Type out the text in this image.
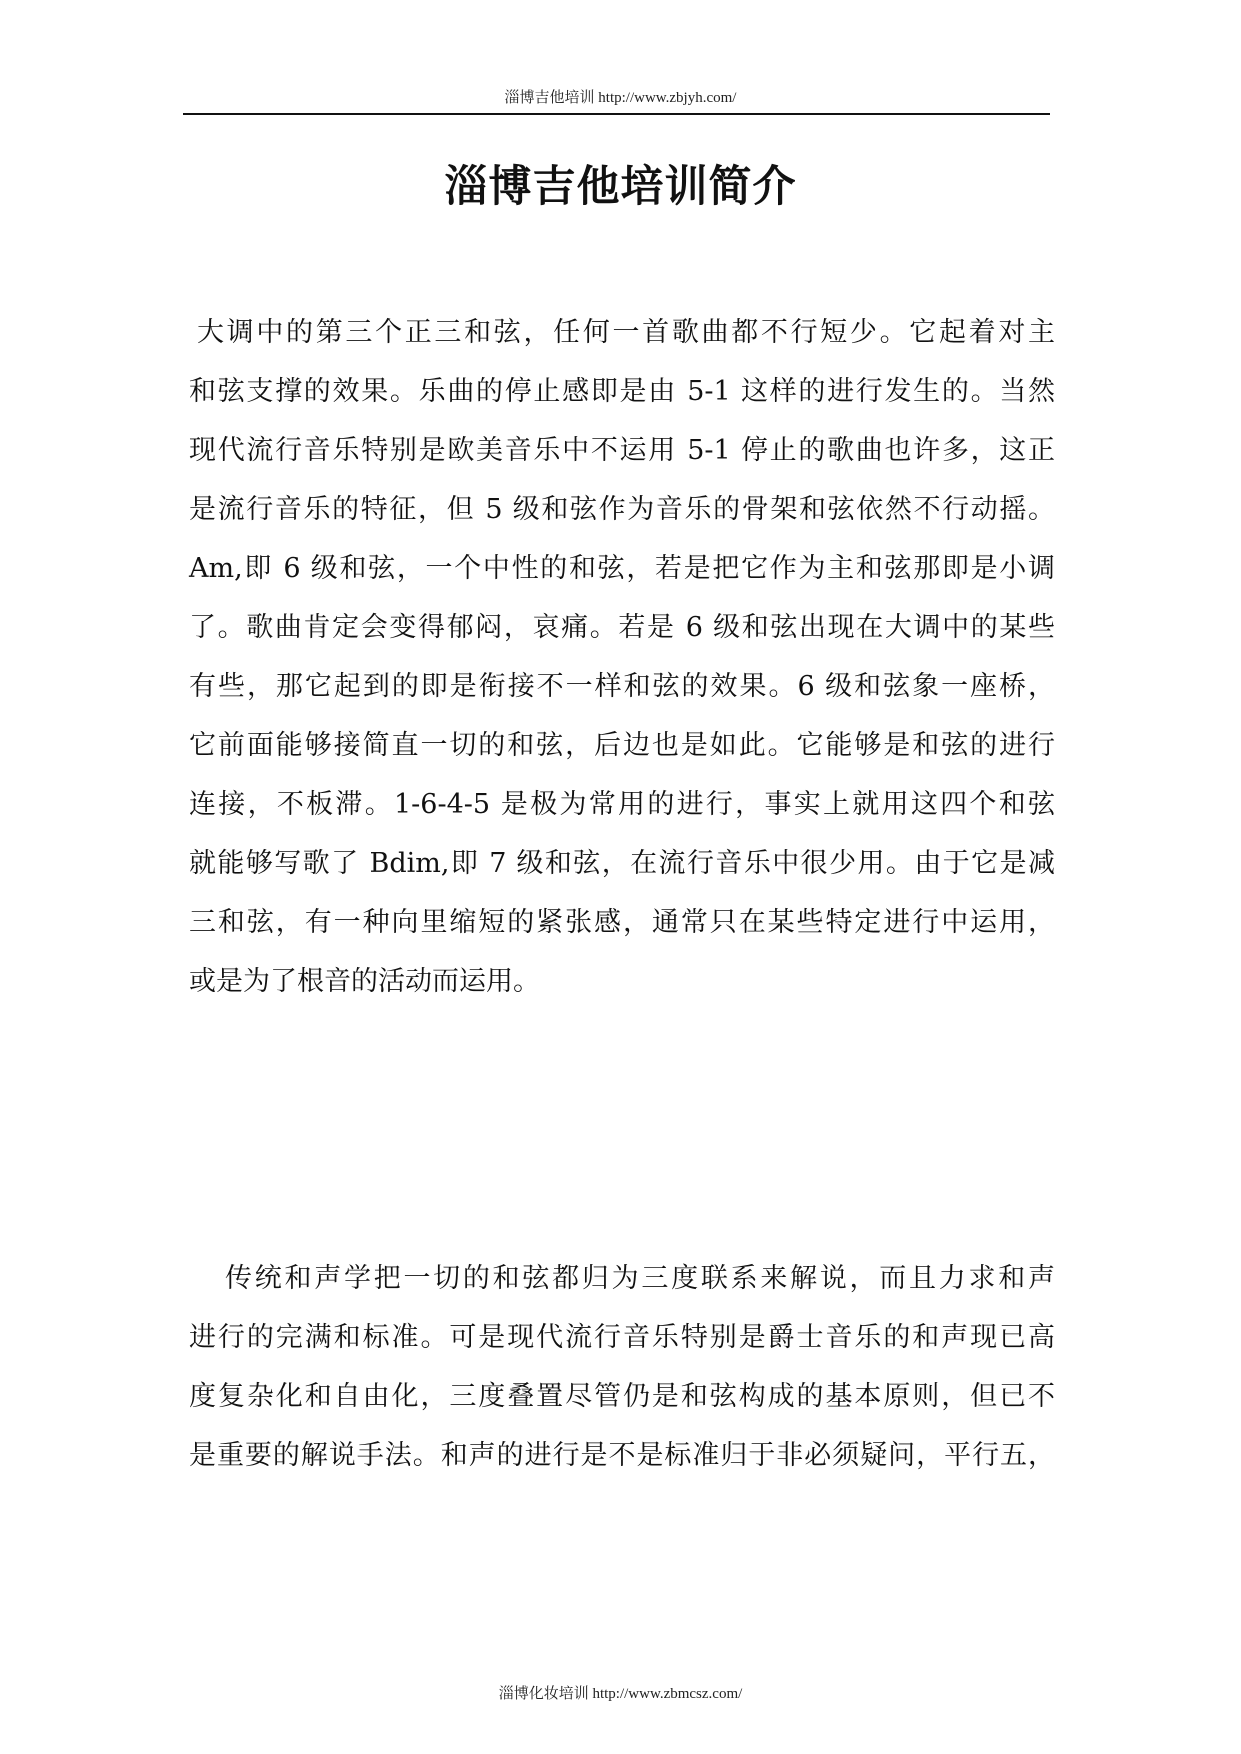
淄博吉他培训 http://www.zbjyh.com/
淄博吉他培训简介
大调中的第三个正三和弦，任何一首歌曲都不行短少。它起着对主
和弦支撑的效果。乐曲的停止感即是由 5-1 这样的进行发生的。当然
现代流行音乐特别是欧美音乐中不运用 5-1 停止的歌曲也许多，这正
是流行音乐的特征，但 5 级和弦作为音乐的骨架和弦依然不行动摇。
Am,即 6 级和弦，一个中性的和弦，若是把它作为主和弦那即是小调
了。歌曲肯定会变得郁闷，哀痛。若是 6 级和弦出现在大调中的某些
有些，那它起到的即是衔接不一样和弦的效果。6 级和弦象一座桥，
它前面能够接简直一切的和弦，后边也是如此。它能够是和弦的进行
连接，不板滞。1-6-4-5 是极为常用的进行，事实上就用这四个和弦
就能够写歌了 Bdim,即 7 级和弦，在流行音乐中很少用。由于它是减
三和弦，有一种向里缩短的紧张感，通常只在某些特定进行中运用，
或是为了根音的活动而运用。
传统和声学把一切的和弦都归为三度联系来解说，而且力求和声
进行的完满和标准。可是现代流行音乐特别是爵士音乐的和声现已高
度复杂化和自由化，三度叠置尽管仍是和弦构成的基本原则，但已不
是重要的解说手法。和声的进行是不是标准归于非必须疑问，平行五，
淄博化妆培训 http://www.zbmcsz.com/
